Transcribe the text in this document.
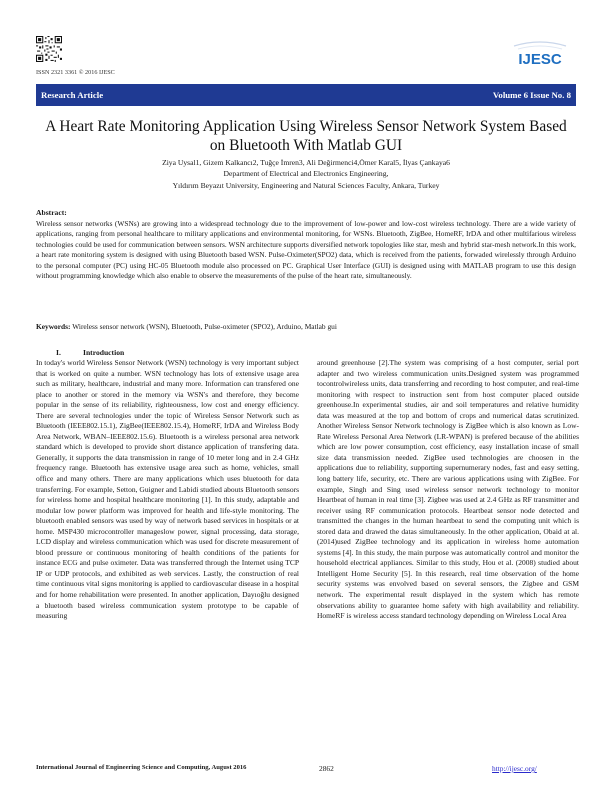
ISSN 2321 3361 © 2016 IJESC
IJESC
Research Article	Volume 6 Issue No. 8
A Heart Rate Monitoring Application Using Wireless Sensor Network System Based on Bluetooth With Matlab GUI
Ziya Uysal1, Gizem Kalkancı2, Tuğçe İmren3, Ali Değirmenci4,Ömer Karal5, İlyas Çankaya6
Department of Electrical and Electronics Engineering,
Yıldırım Beyazıt University, Engineering and Natural Sciences Faculty, Ankara, Turkey
Abstract:
Wireless sensor networks (WSNs) are growing into a widespread technology due to the improvement of low-power and low-cost wireless technology. There are a wide variety of applications, ranging from personal healthcare to military applications and environmental monitoring, for WSNs. Bluetooth, ZigBee, HomeRF, IrDA and other multifarious wireless technologies could be used for communication between sensors. WSN architecture supports diversified network topologies like star, mesh and hybrid star-mesh network.In this work, a heart rate monitoring system is designed with using Bluetooth based WSN. Pulse-Oximeter(SPO2) data, which is received from the patients, forwaded wirelessly through Arduino to the personal computer (PC) using HC-05 Bluetooth module also processed on PC. Graphical User Interface (GUI) is designed using with MATLAB program to use this design without programming knowledge which also enable to observe the measurements of the pulse of the heart rate, simultaneously.
Keywords: Wireless sensor network (WSN), Bluetooth, Pulse-oximeter (SPO2), Arduino, Matlab gui
I.	Introduction
In today's world Wireless Sensor Network (WSN) technology is very important subject that is worked on quite a number. WSN technology has lots of extensive usage area such as military, healthcare, industrial and many more. Information can transfered one place to another or stored in the memory via WSN's and therefore, they become popular in the sense of its reliability, righteousness, low cost and energy efficiency. There are several technologies under the topic of Wireless Sensor Network such as Bluetooth (IEEE802.15.1), ZigBee(IEEE802.15.4), HomeRF, IrDA and Wireless Body Area Network, WBAN–IEEE802.15.6). Bluetooth is a wireless personal area network standard which is developed to provide short distance application of transfering data. Generally, it supports the data transmission in range of 10 meter long and in 2.4 GHz frequency range. Bluetooth has extensive usage area such as home, vehicles, small office and many others. There are many applications which uses bluetooth for data transferring. For example, Setton, Guigner and Labidi studied abouts Bluetooth sensors for wireless home and hospital healthcare monitoring [1]. In this study, adaptable and modular low power platform was improved for health and life-style monitoring. The bluetooth enabled sensors was used by way of network based services in hospitals or at home. MSP430 microcontroller manageslow power, signal processing, data storage, LCD display and wireless communication which was used for discrete measurement of blood pressure or continuous monitoring of health conditions of the patients for instance ECG and pulse oximeter. Data was transferred through the Internet using TCP IP or UDP protocols, and exhibited as web services. Lastly, the construction of real time continuous vital signs monitoring is applied to cardiovascular disease in a hospital and for home rehabilitation were presented. In another application, Dayıoğlu designed a bluetooth based wireless communication system prototype to be capable of measuring
around greenhouse [2].The system was comprising of a host computer, serial port adapter and two wireless communication units.Designed system was programmed tocontrolwireless units, data transferring and recording to host computer, and real-time monitoring with respect to instruction sent from host computer placed outside greenhouse.In experimental studies, air and soil temperatures and relative humidity data was measured at the top and bottom of crops and numerical datas scrutinized. Another Wireless Sensor Network technology is ZigBee which is also known as Low-Rate Wireless Personal Area Network (LR-WPAN) is prefered because of the abilities which are low power consumption, cost efficiency, easy installation incase of small size data transmission needed. ZigBee used technologies are choosen in the applications due to reliability, supporting supernumerary nodes, fast and easy setting, long battery life, security, etc. There are various applications using with ZigBee. For example, Singh and Sing used wireless sensor network technology to monitor Heartbeat of human in real time [3]. Zigbee was used at 2.4 GHz as RF transmitter and receiver using RF communication protocols. Heartbeat sensor node detected and transmitted the changes in the human heartbeat to send the computing unit which is stored data and drawed the datas simultaneously. In the other application, Obaid at al. (2014)used ZigBee technology and its application in wireless home automation systems [4]. In this study, the main purpose was automatically control and monitor the household electrical appliances. Similar to this study, Hou et al. (2008) studied about Intelligent Home Security [5]. In this research, real time observation of the home security systems was envolved based on several sensors, the Zigbee and GSM network. The experimental result displayed in the system which has remote observations ability to guarantee home safety with high availability and reliability. HomeRF is wireless access standard technology depending on Wireless Local Area
International Journal of Engineering Science and Computing, August 2016	2862	http://ijesc.org/
